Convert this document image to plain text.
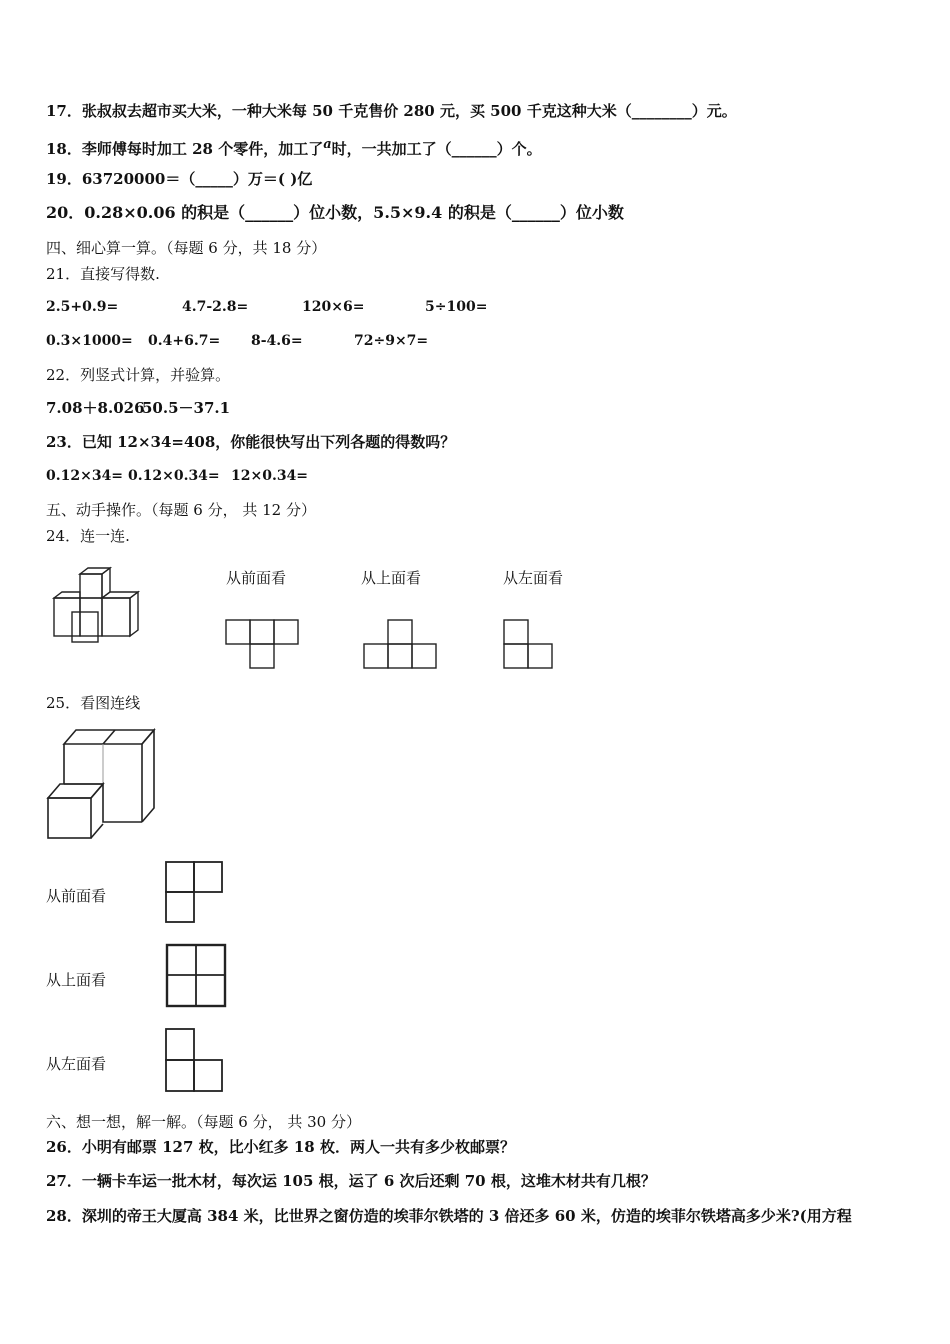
17．张叔叔去超市买大米，一种大米每 50 千克售价 280 元，买 500 千克这种大米（________）元。
18．李师傅每时加工 28 个零件，加工了a时，一共加工了（______）个。
19．63720000＝（_____）万＝( )亿
20．0.28×0.06 的积是（______）位小数，5.5×9.4 的积是（______）位小数
四、细心算一算。（每题 6 分，共 18 分）
21．直接写得数.
2.5+0.9=	4.7-2.8=	120×6=	5÷100=
0.3×1000= 0.4+6.7= 8-4.6=	72÷9×7=
22．列竖式计算，并验算。
7.08＋8.026
50.5－37.1
23．已知 12×34=408，你能很快写出下列各题的得数吗？
0.12×34= 0.12×0.34= 12×0.34=
五、动手操作。（每题 6 分， 共 12 分）
24．连一连.
从前面看	从上面看	从左面看
25．看图连线
从前面看
从上面看
从左面看
六、想一想，解一解。（每题 6 分， 共 30 分）
26．小明有邮票 127 枚，比小红多 18 枚．两人一共有多少枚邮票？
27．一辆卡车运一批木材，每次运 105 根，运了 6 次后还剩 70 根，这堆木材共有几根？
28．深圳的帝王大厦高 384 米，比世界之窗仿造的埃菲尔铁塔的 3 倍还多 60 米，仿造的埃菲尔铁塔高多少米?(用方程
